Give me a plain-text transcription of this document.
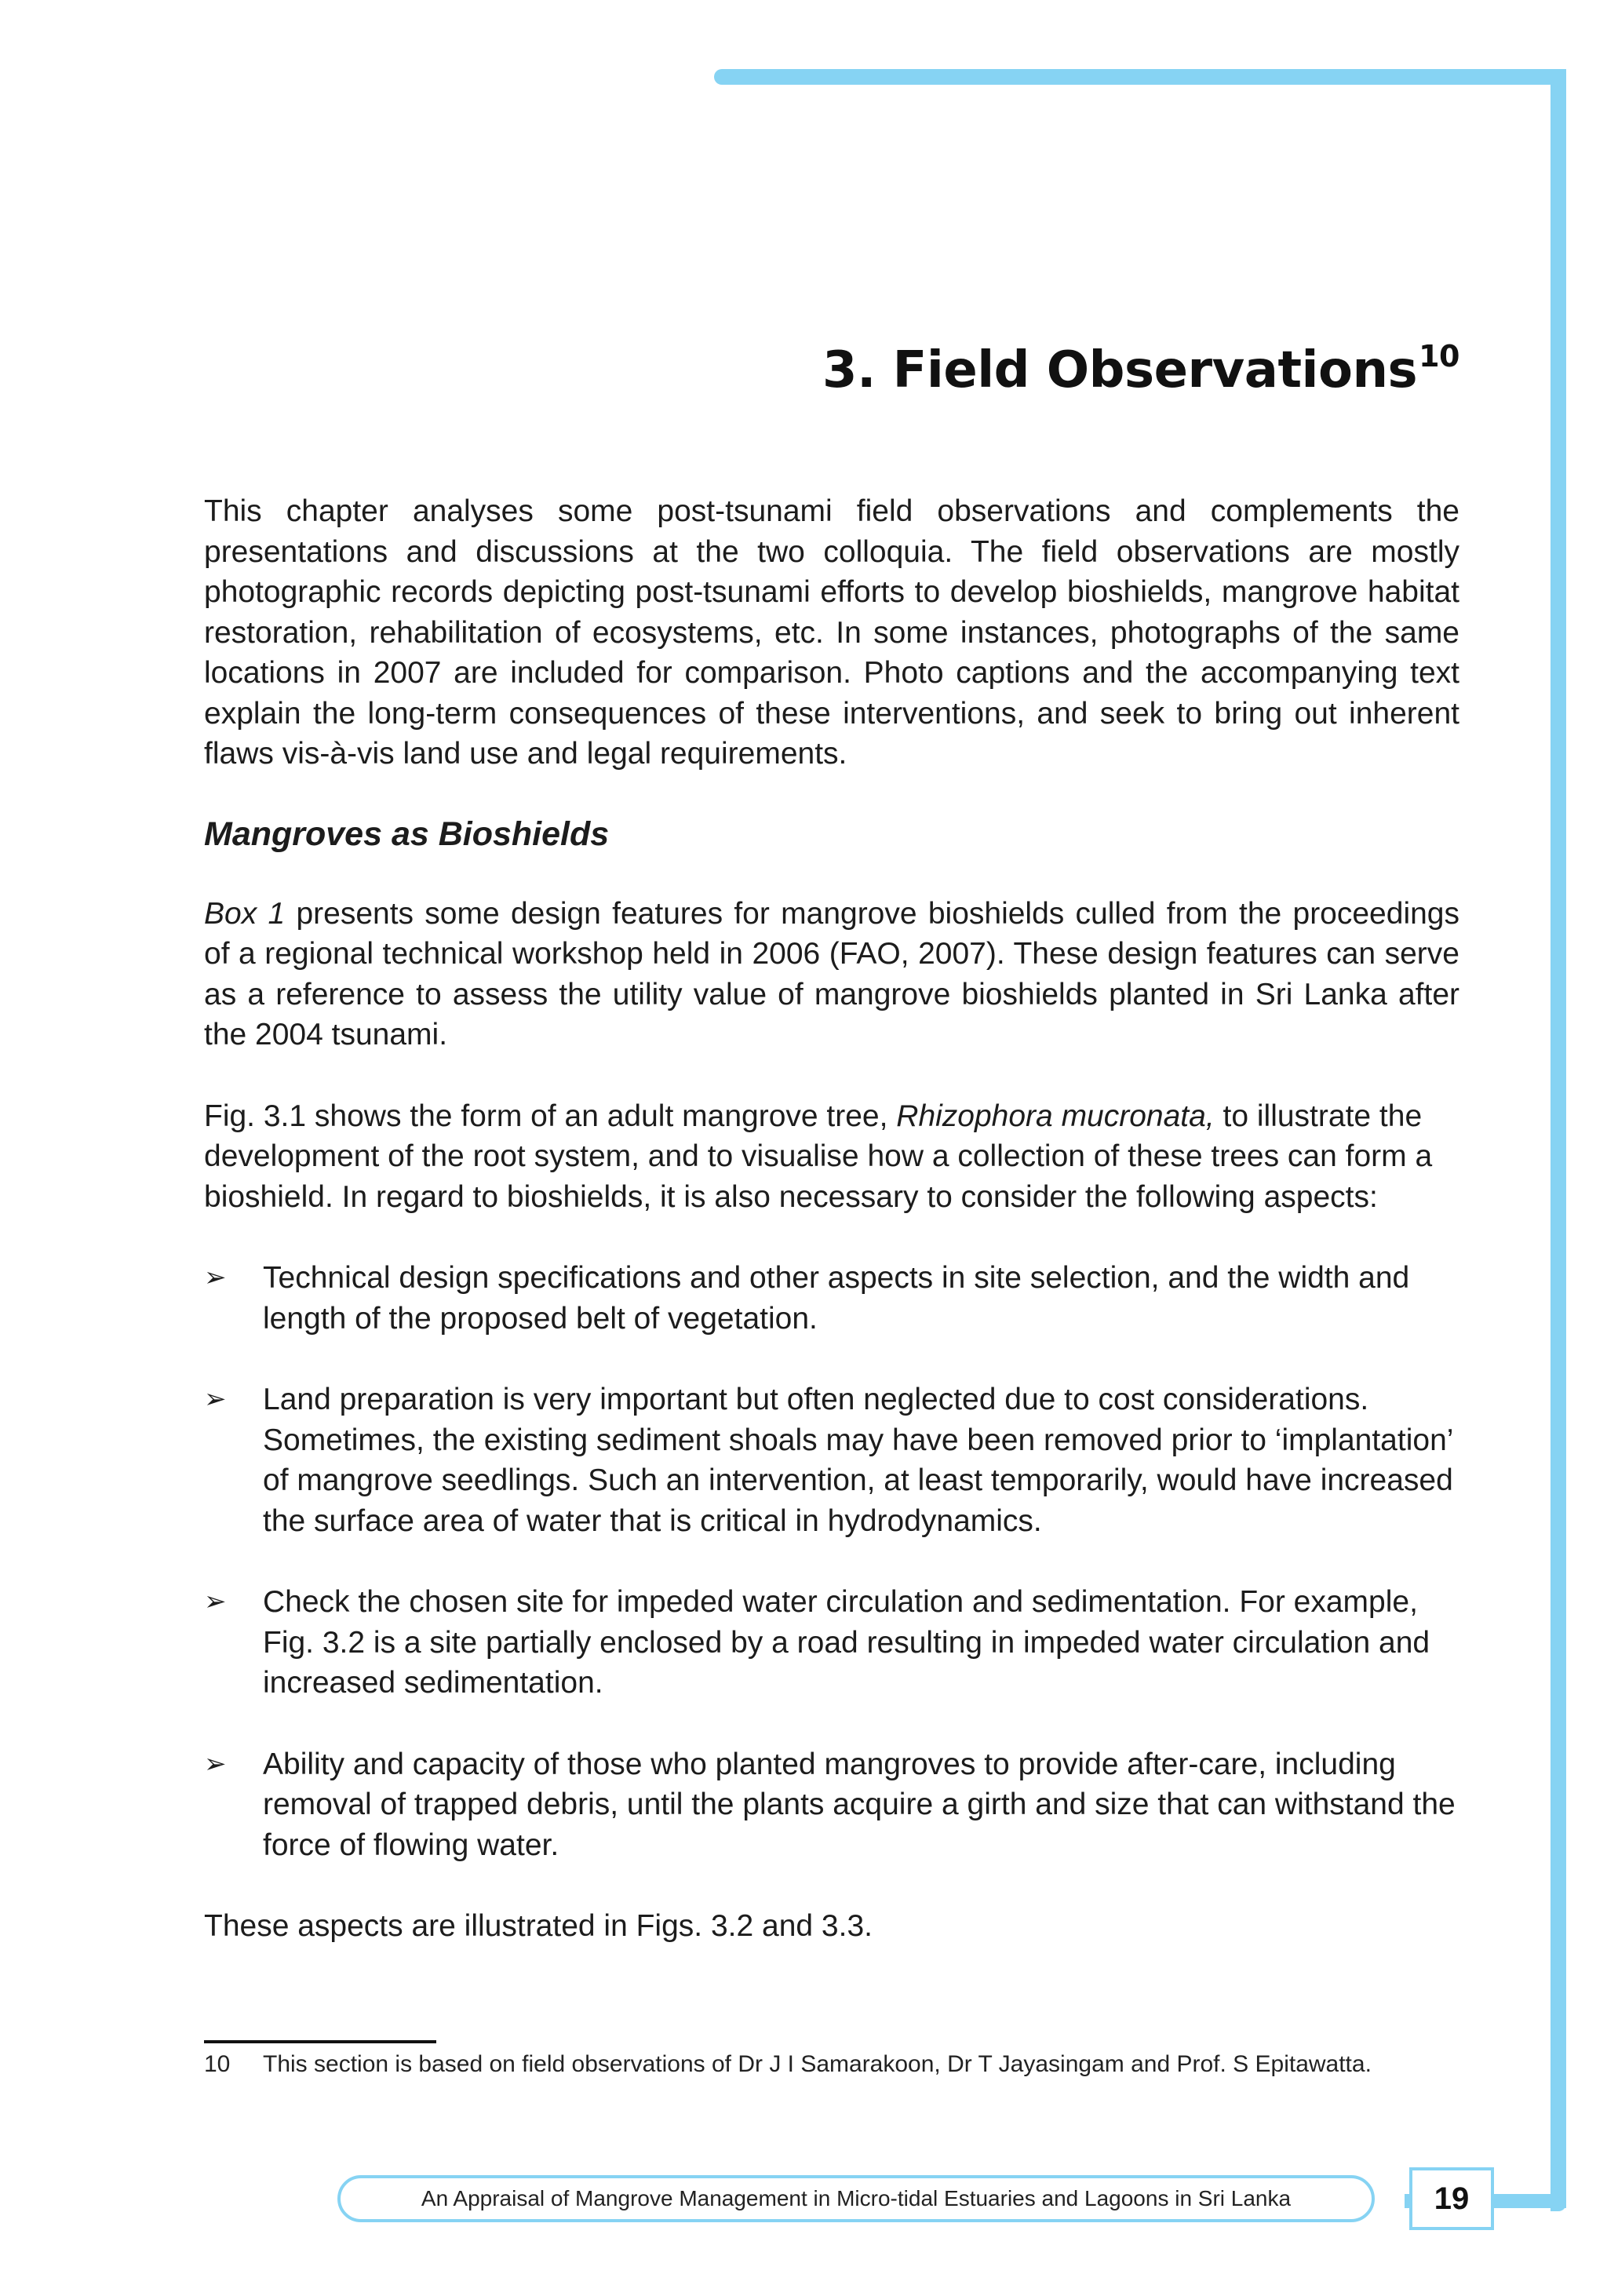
3. Field Observations$^{10}$

This chapter analyses some post-tsunami field observations and complements the presentations and discussions at the two colloquia. The field observations are mostly photographic records depicting post-tsunami efforts to develop bioshields, mangrove habitat restoration, rehabilitation of ecosystems, etc. In some instances, photographs of the same locations in 2007 are included for comparison. Photo captions and the accompanying text explain the long-term consequences of these interventions, and seek to bring out inherent flaws vis-à-vis land use and legal requirements.

Mangroves as Bioshields

Box 1 presents some design features for mangrove bioshields culled from the proceedings of a regional technical workshop held in 2006 (FAO, 2007). These design features can serve as a reference to assess the utility value of mangrove bioshields planted in Sri Lanka after the 2004 tsunami.

Fig. 3.1 shows the form of an adult mangrove tree, Rhizophora mucronata, to illustrate the development of the root system, and to visualise how a collection of these trees can form a bioshield. In regard to bioshields, it is also necessary to consider the following aspects:

➢ Technical design specifications and other aspects in site selection, and the width and length of the proposed belt of vegetation.
➢ Land preparation is very important but often neglected due to cost considerations. Sometimes, the existing sediment shoals may have been removed prior to ‘implantation’ of mangrove seedlings. Such an intervention, at least temporarily, would have increased the surface area of water that is critical in hydrodynamics.
➢ Check the chosen site for impeded water circulation and sedimentation. For example, Fig. 3.2 is a site partially enclosed by a road resulting in impeded water circulation and increased sedimentation.
➢ Ability and capacity of those who planted mangroves to provide after-care, including removal of trapped debris, until the plants acquire a girth and size that can withstand the force of flowing water.

These aspects are illustrated in Figs. 3.2 and 3.3.

10	This section is based on field observations of Dr J I Samarakoon, Dr T Jayasingam and Prof. S Epitawatta.
An Appraisal of Mangrove Management in Micro-tidal Estuaries and Lagoons in Sri Lanka	19
